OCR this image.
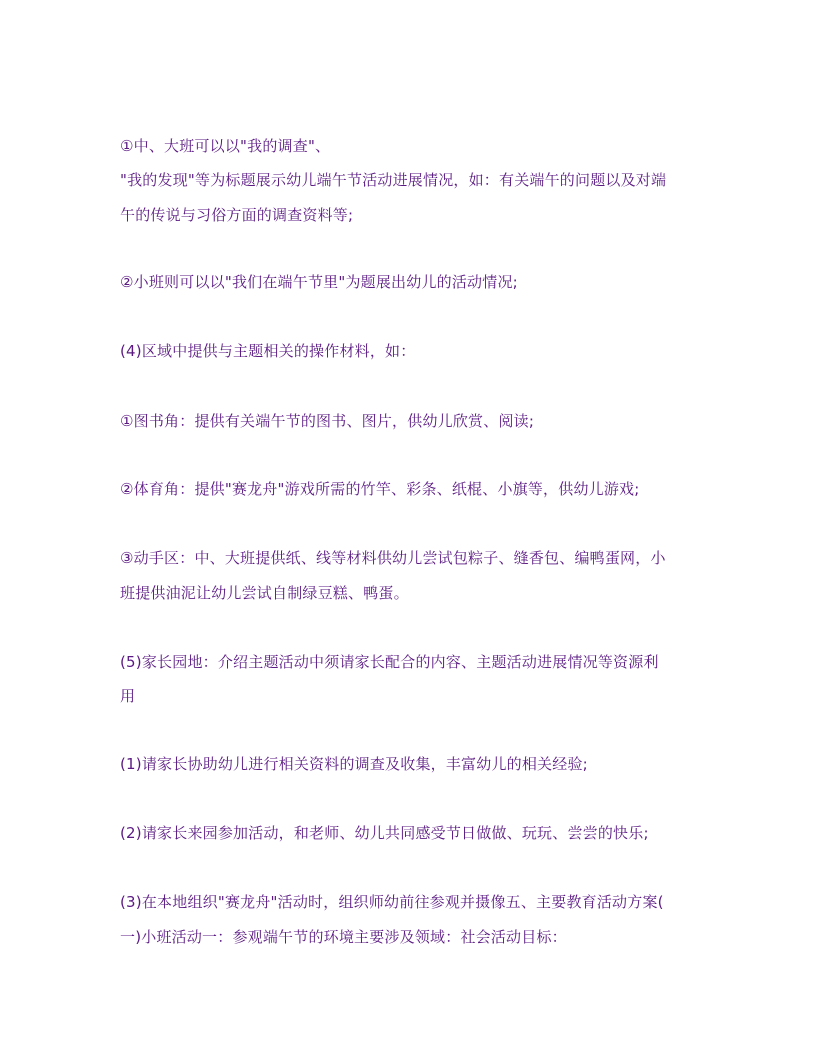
①中、大班可以以"我的调查"、
"我的发现"等为标题展示幼儿端午节活动进展情况，如：有关端午的问题以及对端
午的传说与习俗方面的调查资料等;
②小班则可以以"我们在端午节里"为题展出幼儿的活动情况;
(4)区域中提供与主题相关的操作材料，如：
①图书角：提供有关端午节的图书、图片，供幼儿欣赏、阅读;
②体育角：提供"赛龙舟"游戏所需的竹竿、彩条、纸棍、小旗等，供幼儿游戏;
③动手区：中、大班提供纸、线等材料供幼儿尝试包粽子、缝香包、编鸭蛋网，小
班提供油泥让幼儿尝试自制绿豆糕、鸭蛋。
(5)家长园地：介绍主题活动中须请家长配合的内容、主题活动进展情况等资源利
用
(1)请家长协助幼儿进行相关资料的调查及收集，丰富幼儿的相关经验;
(2)请家长来园参加活动，和老师、幼儿共同感受节日做做、玩玩、尝尝的快乐;
(3)在本地组织"赛龙舟"活动时，组织师幼前往参观并摄像五、主要教育活动方案(
一)小班活动一：参观端午节的环境主要涉及领域：社会活动目标：
